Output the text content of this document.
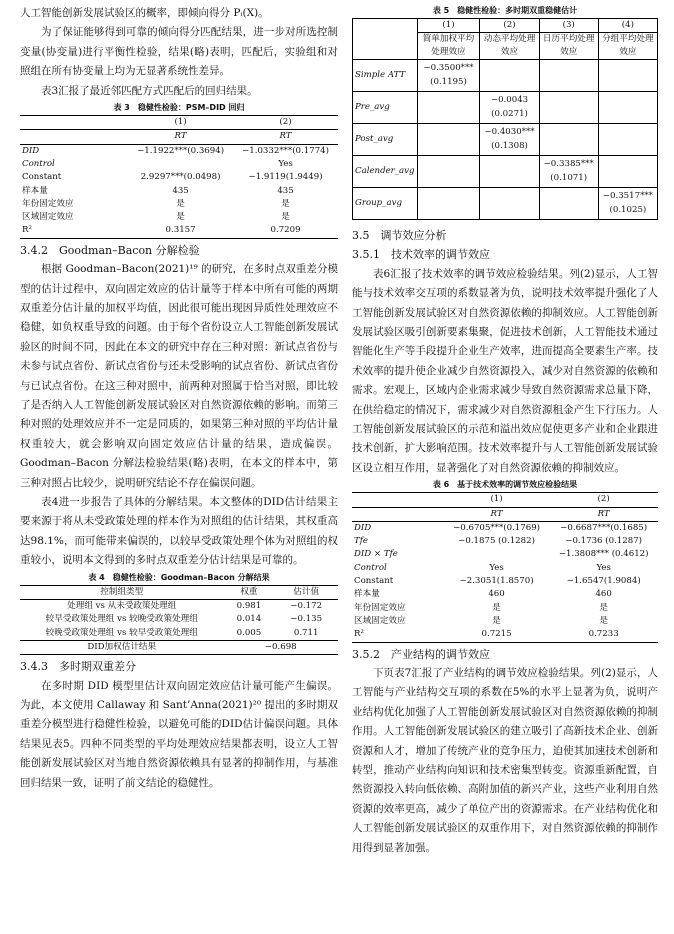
人工智能创新发展试验区的概率，即倾向得分 Pᵢ(X)。

为了保证能够得到可靠的倾向得分匹配结果，进一步对所选控制变量(协变量)进行平衡性检验，结果(略)表明，匹配后，实验组和对照组在所有协变量上均为无显著系统性差异。

表3汇报了最近邻匹配方式匹配后的回归结果。

表 3　稳健性检验：PSM–DID 回归
	(1)	(2)
	RT	RT
DID	−1.1922***(0.3694)	−1.0332***(0.1774)
Control		Yes
Constant	2.9297***(0.0498)	−1.9119(1.9449)
样本量	435	435
年份固定效应	是	是
区域固定效应	是	是
R²	0.3157	0.7209
3.4.2　Goodman–Bacon 分解检验

根据 Goodman–Bacon(2021)¹⁹ 的研究，在多时点双重差分模型的估计过程中，双向固定效应的估计量等于样本中所有可能的两期双重差分估计量的加权平均值，因此很可能出现因异质性处理效应不稳健，如负权重导致的问题。由于每个省份设立人工智能创新发展试验区的时间不同，因此在本文的研究中存在三种对照：新试点省份与未参与试点省份、新试点省份与还未受影响的试点省份、新试点省份与已试点省份。在这三种对照中，前两种对照属于恰当对照，即比较了是否纳入人工智能创新发展试验区对自然资源依赖的影响。而第三种对照的处理效应并不一定是同质的，如果第三种对照的平均估计量权重较大，就会影响双向固定效应估计量的结果，造成偏误。Goodman–Bacon 分解法检验结果(略)表明，在本文的样本中，第三种对照占比较少，说明研究结论不存在偏误问题。

表4进一步报告了具体的分解结果。本文整体的DID估计结果主要来源于将从未受政策处理的样本作为对照组的估计结果，其权重高达98.1%，而可能带来偏误的，以较早受政策处理个体为对照组的权重较小，说明本文得到的多时点双重差分估计结果是可靠的。

表 4　稳健性检验：Goodman–Bacon 分解结果
控制组类型	权重	估计值
处理组 vs 从未受政策处理组	0.981	−0.172
较早受政策处理组 vs 较晚受政策处理组	0.014	−0.135
较晚受政策处理组 vs 较早受政策处理组	0.005	0.711
DID加权估计结果	−0.698	
3.4.3　多时期双重差分

在多时期 DID 模型里估计双向固定效应估计量可能产生偏误。为此，本文使用 Callaway 和 Sant’Anna(2021)²⁰ 提出的多时期双重差分模型进行稳健性检验，以避免可能的DID估计偏误问题。具体结果见表5。四种不同类型的平均处理效应结果都表明，设立人工智能创新发展试验区对当地自然资源依赖具有显著的抑制作用，与基准回归结果一致，证明了前文结论的稳健性。

表 5　稳健性检验：多时期双重稳健估计
	(1)	(2)	(3)	(4)
	简单加权平均处理效应	动态平均处理效应	日历平均处理效应	分组平均处理效应
Simple ATT	−0.3500***
(0.1195)			
Pre_avg		−0.0043
(0.0271)		
Post_avg		−0.4030***
(0.1308)		
Calender_avg			−0.3385***
(0.1071)	
Group_avg				−0.3517***
(0.1025)
3.5　调节效应分析
3.5.1　技术效率的调节效应

表6汇报了技术效率的调节效应检验结果。列(2)显示，人工智能与技术效率交互项的系数显著为负，说明技术效率提升强化了人工智能创新发展试验区对自然资源依赖的抑制效应。人工智能创新发展试验区吸引创新要素集聚，促进技术创新，人工智能技术通过智能化生产等手段提升企业生产效率，进而提高全要素生产率。技术效率的提升使企业减少自然资源投入，减少对自然资源的依赖和需求。宏观上，区域内企业需求减少导致自然资源需求总量下降，在供给稳定的情况下，需求减少对自然资源租金产生下行压力。人工智能创新发展试验区的示范和溢出效应促使更多产业和企业跟进技术创新，扩大影响范围。技术效率提升与人工智能创新发展试验区设立相互作用，显著强化了对自然资源依赖的抑制效应。

表 6　基于技术效率的调节效应检验结果
	(1)	(2)
	RT	RT
DID	−0.6705***(0.1769)	−0.6687***(0.1685)
Tfe	−0.1875 (0.1282)	−0.1736 (0.1287)
DID × Tfe		−1.3808*** (0.4612)
Control	Yes	Yes
Constant	−2.3051(1.8570)	−1.6547(1.9084)
样本量	460	460
年份固定效应	是	是
区域固定效应	是	是
R²	0.7215	0.7233
3.5.2　产业结构的调节效应

下页表7汇报了产业结构的调节效应检验结果。列(2)显示，人工智能与产业结构交互项的系数在5%的水平上显著为负，说明产业结构优化加强了人工智能创新发展试验区对自然资源依赖的抑制作用。人工智能创新发展试验区的建立吸引了高新技术企业、创新资源和人才，增加了传统产业的竞争压力，迫使其加速技术创新和转型，推动产业结构向知识和技术密集型转变。资源重新配置，自然资源投入转向低依赖、高附加值的新兴产业，这些产业利用自然资源的效率更高，减少了单位产出的资源需求。在产业结构优化和人工智能创新发展试验区的双重作用下，对自然资源依赖的抑制作用得到显著加强。
